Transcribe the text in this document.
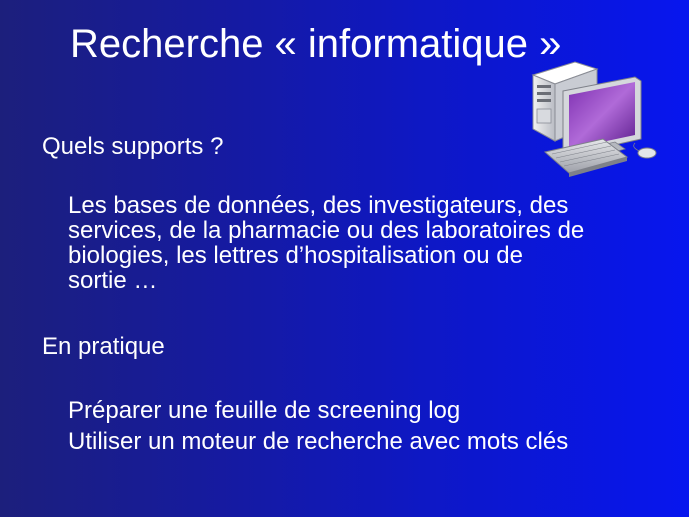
Recherche « informatique »

Quels supports ?

Les bases de données, des investigateurs, des
services, de la pharmacie ou des laboratoires de
biologies, les lettres d’hospitalisation ou de
sortie …

En pratique

Préparer une feuille de screening log

Utiliser un moteur de recherche avec mots clés
